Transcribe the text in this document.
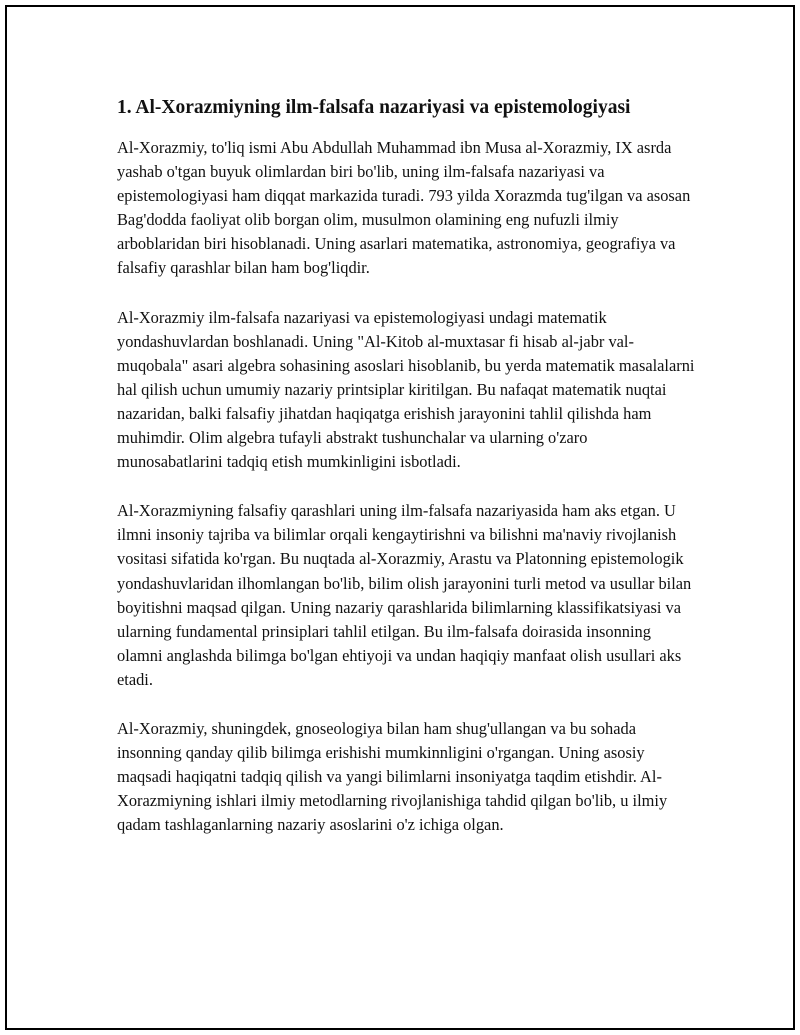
1. Al-Xorazmiyning ilm-falsafa nazariyasi va epistemologiyasi

Al-Xorazmiy, to'liq ismi Abu Abdullah Muhammad ibn Musa al-Xorazmiy, IX asrda yashab o'tgan buyuk olimlardan biri bo'lib, uning ilm-falsafa nazariyasi va epistemologiyasi ham diqqat markazida turadi. 793 yilda Xorazmda tug'ilgan va asosan Bag'dodda faoliyat olib borgan olim, musulmon olamining eng nufuzli ilmiy arboblaridan biri hisoblanadi. Uning asarlari matematika, astronomiya, geografiya va falsafiy qarashlar bilan ham bog'liqdir.

Al-Xorazmiy ilm-falsafa nazariyasi va epistemologiyasi undagi matematik yondashuvlardan boshlanadi. Uning "Al-Kitob al-muxtasar fi hisab al-jabr val-muqobala" asari algebra sohasining asoslari hisoblanib, bu yerda matematik masalalarni hal qilish uchun umumiy nazariy printsiplar kiritilgan. Bu nafaqat matematik nuqtai nazaridan, balki falsafiy jihatdan haqiqatga erishish jarayonini tahlil qilishda ham muhimdir. Olim algebra tufayli abstrakt tushunchalar va ularning o'zaro munosabatlarini tadqiq etish mumkinligini isbotladi.

Al-Xorazmiyning falsafiy qarashlari uning ilm-falsafa nazariyasida ham aks etgan. U ilmni insoniy tajriba va bilimlar orqali kengaytirishni va bilishni ma'naviy rivojlanish vositasi sifatida ko'rgan. Bu nuqtada al-Xorazmiy, Arastu va Platonning epistemologik yondashuvlaridan ilhomlangan bo'lib, bilim olish jarayonini turli metod va usullar bilan boyitishni maqsad qilgan. Uning nazariy qarashlarida bilimlarning klassifikatsiyasi va ularning fundamental prinsiplari tahlil etilgan. Bu ilm-falsafa doirasida insonning olamni anglashda bilimga bo'lgan ehtiyoji va undan haqiqiy manfaat olish usullari aks etadi.

Al-Xorazmiy, shuningdek, gnoseologiya bilan ham shug'ullangan va bu sohada insonning qanday qilib bilimga erishishi mumkinnligini o'rgangan. Uning asosiy maqsadi haqiqatni tadqiq qilish va yangi bilimlarni insoniyatga taqdim etishdir. Al-Xorazmiyning ishlari ilmiy metodlarning rivojlanishiga tahdid qilgan bo'lib, u ilmiy qadam tashlaganlarning nazariy asoslarini o'z ichiga olgan.
